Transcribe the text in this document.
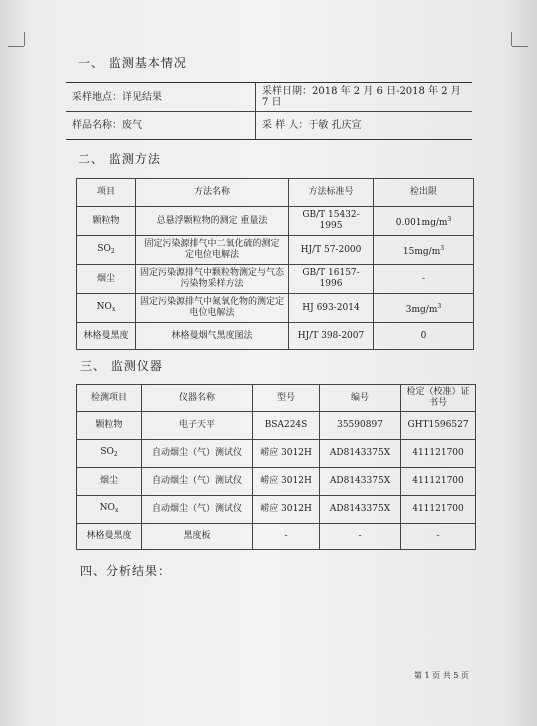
一、 监测基本情况
采样地点：详见结果	采样日期：2018 年 2 月 6 日-2018 年 2 月 7 日
样品名称：废气	采 样 人：于敏 孔庆宣
二、 监测方法
项目	方法名称	方法标准号	检出限
颗粒物	总悬浮颗粒物的测定 重量法	GB/T 15432-1995	$0.001mg/m^3$
$SO_2$	固定污染源排气中二氧化硫的测定 定电位电解法	HJ/T 57-2000	$15mg/m^3$
烟尘	固定污染源排气中颗粒物测定与气态污染物采样方法	GB/T 16157-1996	-
$NO_x$	固定污染源排气中氮氧化物的测定定电位电解法	HJ 693-2014	$3mg/m^3$
林格曼黑度	林格曼烟气黑度图法	HJ/T 398-2007	0
三、 监测仪器
检测项目	仪器名称	型号	编号	检定（校准）证书号
颗粒物	电子天平	BSA224S	35590897	GHT1596527
$SO_2$	自动烟尘（气）测试仪	崂应 3012H	AD8143375X	411121700
烟尘	自动烟尘（气）测试仪	崂应 3012H	AD8143375X	411121700
$NO_x$	自动烟尘（气）测试仪	崂应 3012H	AD8143375X	411121700
林格曼黑度	黑度板	-	-	-
四、分析结果：
第 1 页 共 5 页
